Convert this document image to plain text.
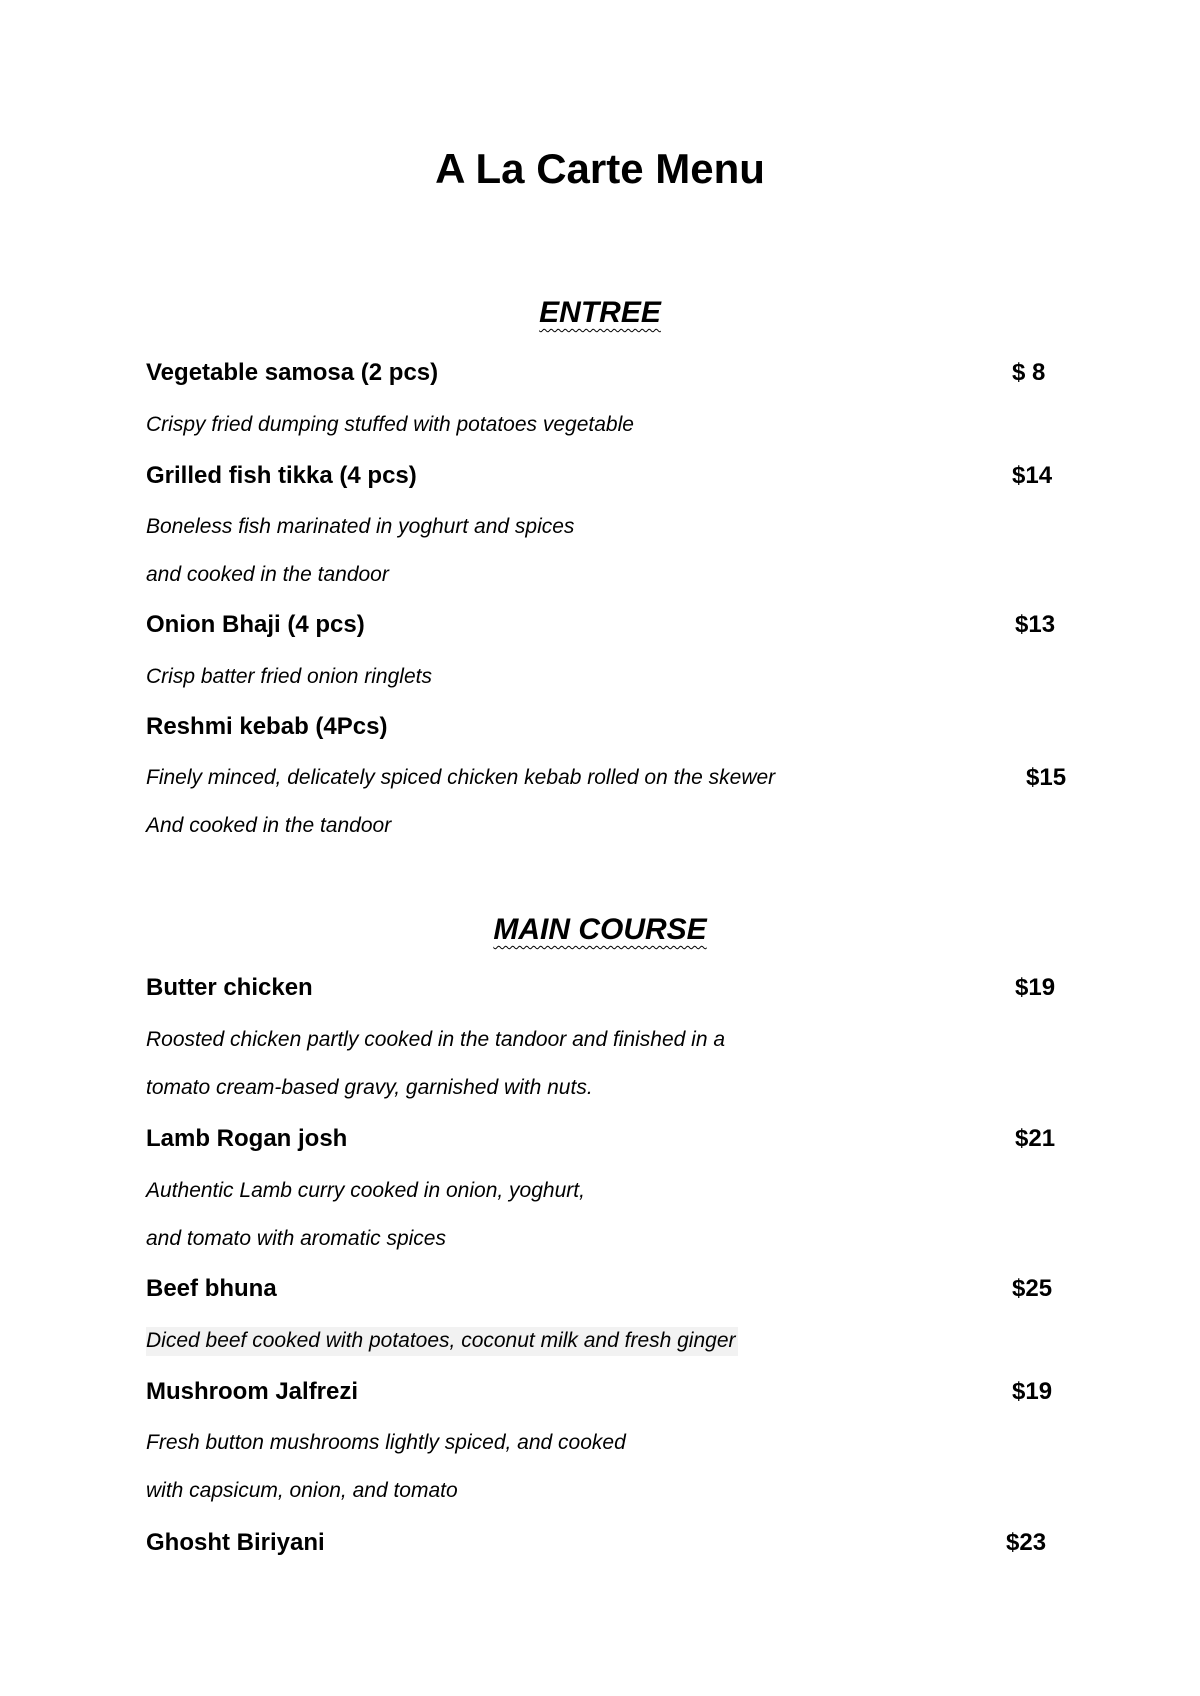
A La Carte Menu
ENTREE
Vegetable samosa (2 pcs)	$ 8
Crispy fried dumping stuffed with potatoes vegetable
Grilled fish tikka (4 pcs)	$14
Boneless fish marinated in yoghurt and spices
and cooked in the tandoor
Onion Bhaji (4 pcs)	$13
Crisp batter fried onion ringlets
Reshmi kebab (4Pcs)
Finely minced, delicately spiced chicken kebab rolled on the skewer	$15
And cooked in the tandoor
MAIN COURSE
Butter chicken	$19
Roosted chicken partly cooked in the tandoor and finished in a
tomato cream-based gravy, garnished with nuts.
Lamb Rogan josh	$21
Authentic Lamb curry cooked in onion, yoghurt,
and tomato with aromatic spices
Beef bhuna	$25
Diced beef cooked with potatoes, coconut milk and fresh ginger
Mushroom Jalfrezi	$19
Fresh button mushrooms lightly spiced, and cooked
with capsicum, onion, and tomato
Ghosht Biriyani	$23
